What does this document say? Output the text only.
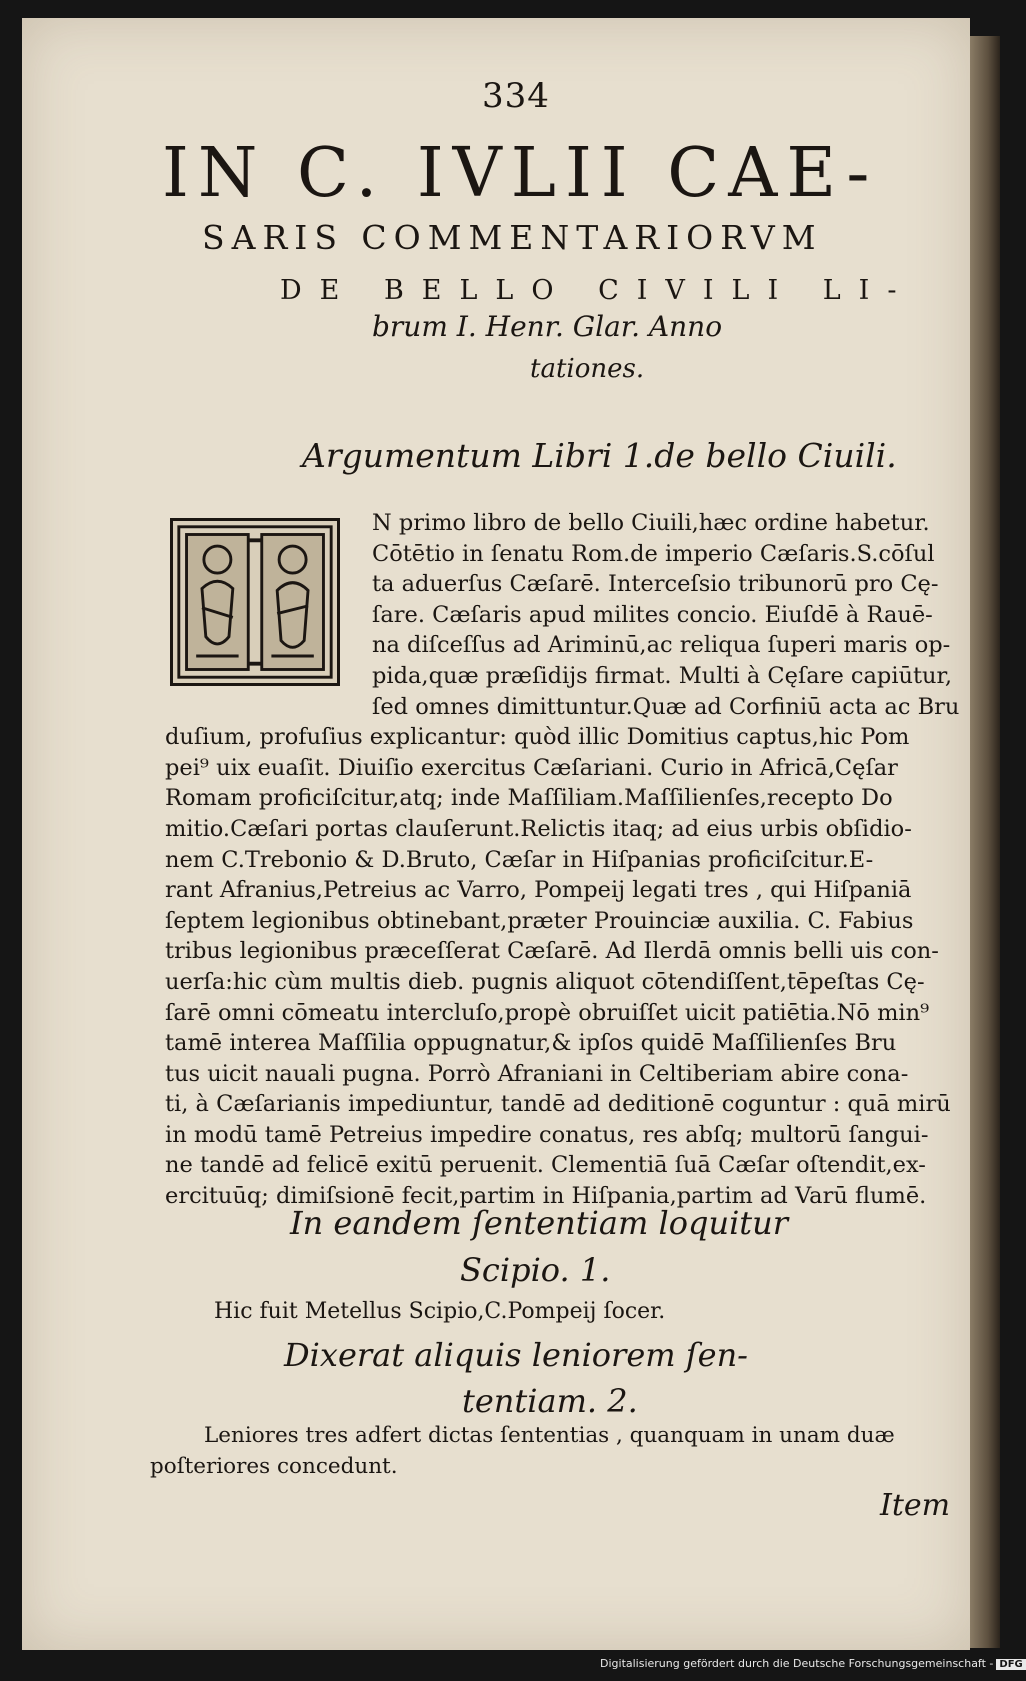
334
IN C. IVLII CAE-
SARIS COMMENTARIORVM
DE BELLO CIVILI LI-
brum I. Henr. Glar. Anno
tationes.
Argumentum Libri 1.de bello Ciuili.
N primo libro de bello Ciuili,hæc ordine habetur.
Cōtētio in ſenatu Rom.de imperio Cæſaris.S.cōſul
ta aduerſus Cæſarē. Interceſsio tribunorū pro Cę-
ſare. Cæſaris apud milites concio. Eiuſdē à Rauē-
na diſceſſus ad Ariminū,ac reliqua ſuperi maris op-
pida,quæ præſidijs firmat. Multi à Cęſare capiūtur,
ſed omnes dimittuntur.Quæ ad Corfiniū acta ac Bru
duſium, profuſius explicantur: quòd illic Domitius captus,hic Pom
pei⁹ uix euaſit. Diuiſio exercitus Cæſariani. Curio in Africā,Cęſar
Romam proficiſcitur,atq; inde Maſſiliam.Maſſilienſes,recepto Do
mitio.Cæſari portas clauſerunt.Relictis itaq; ad eius urbis obſidio-
nem C.Trebonio & D.Bruto, Cæſar in Hiſpanias proficiſcitur.E-
rant Afranius,Petreius ac Varro, Pompeij legati tres , qui Hiſpaniā
ſeptem legionibus obtinebant,præter Prouinciæ auxilia. C. Fabius
tribus legionibus præceſſerat Cæſarē. Ad Ilerdā omnis belli uis con-
uerſa:hic cùm multis dieb. pugnis aliquot cōtendiſſent,tēpeſtas Cę-
ſarē omni cōmeatu intercluſo,propè obruiſſet uicit patiētia.Nō min⁹
tamē interea Maſſilia oppugnatur,& ipſos quidē Maſſilienſes Bru
tus uicit nauali pugna. Porrò Afraniani in Celtiberiam abire cona-
ti, à Cæſarianis impediuntur, tandē ad deditionē coguntur : quā mirū
in modū tamē Petreius impedire conatus, res abſq; multorū ſangui-
ne tandē ad felicē exitū peruenit. Clementiā ſuā Cæſar oſtendit,ex-
ercituūq; dimiſsionē fecit,partim in Hiſpania,partim ad Varū flumē.
In eandem ſententiam loquitur
Scipio. 1.
Hic fuit Metellus Scipio,C.Pompeij ſocer.
Dixerat aliquis leniorem ſen-
tentiam. 2.
Leniores tres adfert dictas ſententias , quanquam in unam duæ
poſteriores concedunt.
Item
Digitalisierung gefördert durch die Deutsche Forschungsgemeinschaft - DFG
